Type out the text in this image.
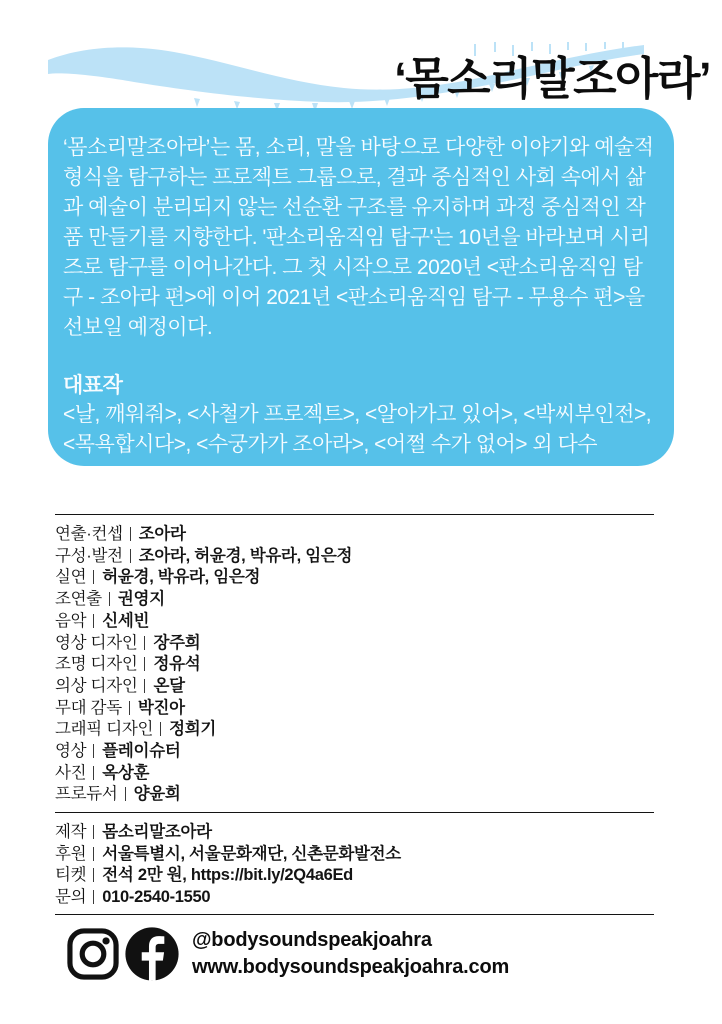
‘몸소리말조아라’

‘몸소리말조아라’는 몸, 소리, 말을 바탕으로 다양한 이야기와 예술적 형식을 탐구하는 프로젝트 그룹으로, 결과 중심적인 사회 속에서 삶과 예술이 분리되지 않는 선순환 구조를 유지하며 과정 중심적인 작품 만들기를 지향한다. '판소리움직임 탐구'는 10년을 바라보며 시리즈로 탐구를 이어나간다. 그 첫 시작으로 2020년 <판소리움직임 탐구 - 조아라 편>에 이어 2021년 <판소리움직임 탐구 - 무용수 편>을 선보일 예정이다.

대표작

<날, 깨워줘>, <사철가 프로젝트>, <알아가고 있어>, <박씨부인전>, <목욕합시다>, <수궁가가 조아라>, <어쩔 수가 없어> 외 다수

연출·컨셉 조아라
구성·발전 조아라, 허윤경, 박유라, 임은정
실연 허윤경, 박유라, 임은정
조연출 권영지
음악 신세빈
영상 디자인 장주희
조명 디자인 정유석
의상 디자인 온달
무대 감독 박진아
그래픽 디자인 정희기
영상 플레이슈터
사진 옥상훈
프로듀서 양윤희
제작 몸소리말조아라
후원 서울특별시, 서울문화재단, 신촌문화발전소
티켓 전석 2만 원, https://bit.ly/2Q4a6Ed
문의 010-2540-1550
@bodysoundspeakjoahra
www.bodysoundspeakjoahra.com
